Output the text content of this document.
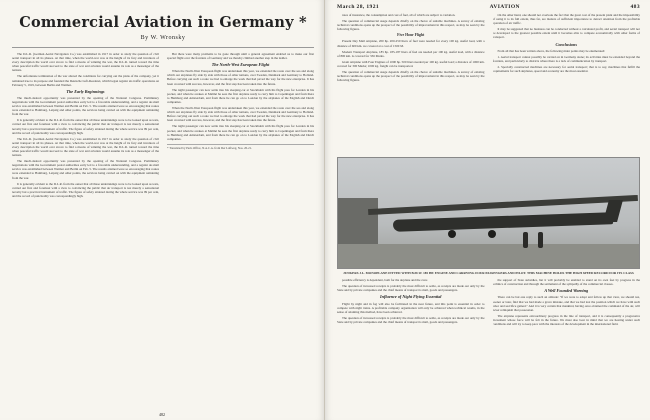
Commercial Aviation in Germany *
By W. Wronsky

The D.L.R. (German Aerial Navigation Co.) was established in 1917 in order to study the question of civil aerial transport in all its phases. At that time, when the world-war was at the height of its fury and inventors of every description the world over strove to find a means of winning the war, the D.L.R. turned toward the time when peaceful traffic would succeed to the state of war and aviation would assume its role as a messenger of the nations.

The unfortunate termination of the war altered the conditions for carrying out the plans of the company, yet it remained true to its purpose and founded the Deutsche Luft-Reederei, which began regular air-traffic operations on February 5, 1919, between Berlin and Weimar.

The Early Beginnings

The much-desired opportunity was presented by the opening of the National Congress. Preliminary negotiations with the Government postal authorities early led to a favorable understanding, and a regular air-mail service was established between Weimar and Berlin on Feb. 5. The results attained were so encouraging that routes were extended to Hamburg, Leipzig and other points, the services being carried on with the equipment remaining from the war.

It is generally evident to the D.L.R. from the outset that all these undertakings were to be looked upon as tests, carried out first and foremost with a view to convincing the public that air transport is not merely a sensational novelty but a practical instrument of traffic. The figure of safety attained during the whole service was 99 per cent, and the record of punctuality was correspondingly high.

The D.L.R. (German Aerial Navigation Co.) was established in 1917 in order to study the question of civil aerial transport in all its phases. At that time, when the world-war was at the height of its fury and inventors of every description the world over strove to find a means of winning the war, the D.L.R. turned toward the time when peaceful traffic would succeed to the state of war and aviation would assume its role as a messenger of the nations.

The much-desired opportunity was presented by the opening of the National Congress. Preliminary negotiations with the Government postal authorities early led to a favorable understanding, and a regular air-mail service was established between Weimar and Berlin on Feb. 5. The results attained were so encouraging that routes were extended to Hamburg, Leipzig and other points, the services being carried on with the equipment remaining from the war.

It is generally evident to the D.L.R. from the outset that all these undertakings were to be looked upon as tests, carried out first and foremost with a view to convincing the public that air transport is not merely a sensational novelty but a practical instrument of traffic. The figure of safety attained during the whole service was 99 per cent, and the record of punctuality was correspondingly high.

But there were many problems to be gone through until a general agreement enabled us to make our first special flight over the frontiers of Germany and we thereby climbed another step in the ladder.

The North-West European Flight

When the North-West European flight was undertaken this year, we extended the route over the sea and along which our airplanes fly side by side with those of other nations, over Sweden, Denmark and Germany to Holland. Before carrying out such a route we had to enlarge the work that had paved the way for the new enterprise. It has been crowned with success, however, and the first step has been taken into the future.

The night passenger can now settle into his sleeping-car at Stockholm with his flight pass for London in his pocket, and when he awakes at Malmö he sees the first airplane ready to carry him to Copenhagen and from there to Hamburg and Amsterdam, and from there he can go on to London by the airplanes of the English and Dutch companies.

When the North-West European flight was undertaken this year, we extended the route over the sea and along which our airplanes fly side by side with those of other nations, over Sweden, Denmark and Germany to Holland. Before carrying out such a route we had to enlarge the work that had paved the way for the new enterprise. It has been crowned with success, however, and the first step has been taken into the future.

The night passenger can now settle into his sleeping-car at Stockholm with his flight pass for London in his pocket, and when he awakes at Malmö he sees the first airplane ready to carry him to Copenhagen and from there to Hamburg and Amsterdam, and from there he can go on to London by the airplanes of the English and Dutch companies.

* Translated by Paris Office, N.A.C.A. from Der Luftweg, Nos. 20-21.
482
March 28, 1921	AVIATION	483

rates of insurance, the consumption and cost of fuel, all of which are subject to variation.

The question of commercial usage depends chiefly on the choice of suitable machines. A survey of existing technical conditions opens up the prospect of the possibility of improvement in this respect, as may be seen by the following figures.

Five Hour Flight

Present Day Mail Airplane, 200 hp. 200-250 liters of fuel were needed for every 100 kg. useful load, with a distance of 600 km. we covered at a cost of 1500 M.

Modern Transport Airplane, 185 hp. 185-187 liters of fuel are needed per 100 kg. useful load, with a distance of 800 km. is covered for 336 Marks.

Giant Airplane with Four Engines of 1000 hp. 500 liters needed per 100 kg. useful load; a distance of 1000 km. covered for 300 Marks; 1000 kg. freight can be transported.

The question of commercial usage depends chiefly on the choice of suitable machines. A survey of existing technical conditions opens up the prospect of the possibility of improvement in this respect, as may be seen by the following figures.

On the other hand, one should not overlook the fact that the great cost of the present plant and the impossibility of using it to its full extent, thus far, are matters of sufficient importance to detract attention from the profitable operation of air traffic.

It may be suggested that no business can be conducted without a calculated profit, and aerial transport will not be developed to the greatest possible extent until it becomes able to compete economically with other forms of transport.

Conclusions

From all that has been written above, the following main points may be enumerated:

1. Aerial transport cannot possibly be carried on in Germany alone; its activities must be extended beyond the frontiers, and particularly to districts where there is a lack of communication by transport.

2. Specially constructed machines are necessary for aerial transport; that is to say, machines that fulfill the requirements for such airplanes, speed and economy are the most essential.

JUNKERS J.L. MONOPLANE FITTED WITH B.M.W. 185 HP. ENGINE AND CARRYING FOUR PASSENGERS AND PILOT. THIS MACHINE HOLDS THE HIGH SPEED RECORD FOR ITS CLASS

possible efficiency is dependent, both for the airplane and the crew.

The question of increased receipts is probably the most difficult to settle, as receipts are made out only by the State and by private companies and the chief means of transport is mail, goods and passengers.

Influence of Night Flying Essential

Flight by night and in fog will also be facilitated in the near future, and this point is essential in order to compete with night trains. A profitable company organization will only be achieved when technical results, in the sense of attaining this method, have been achieved.

The question of increased receipts is probably the most difficult to settle, as receipts are made out only by the State and by private companies and the chief means of transport is mail, goods and passengers.

the support of State subsidies, but it will probably be enabled to stand on its own feet by progress in the technics of construction and through the settlement of the sympathy of the commercial classes.

A Well Founded Warning

There can be but one reply to such an attitude: "If we were to adopt and follow up that view, we should not, sooner or later, find that we had made a grave mistake, and that we had lost the position which we have with such labor and sacrifice gained." And it is very certain that mankind, having once obtained the command of the air, will never relinquish that possession.

The airplane represents extraordinary progress in the line of transport, and it is consequently a progressive movement whose force will be felt in the future. We must also bear in mind that we are hearing under such conditions and will try to keep pace with the interests of the development in the international field.
